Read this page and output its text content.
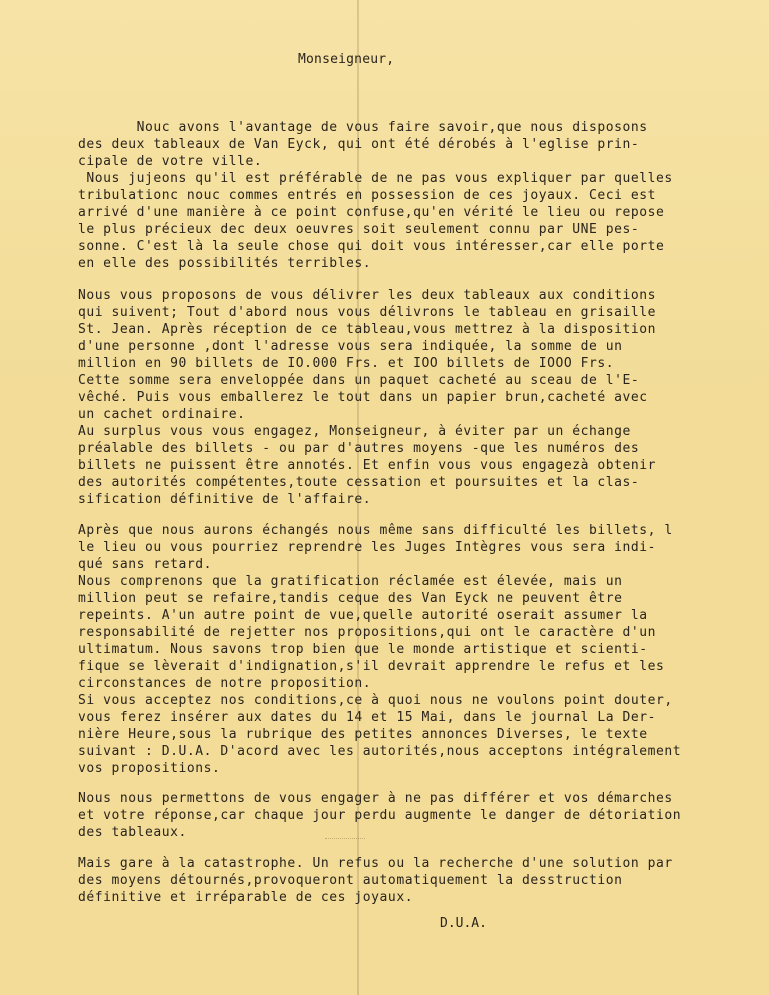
Monseigneur,
Nouc avons l'avantage de vous faire savoir,que nous disposons
des deux tableaux de Van Eyck, qui ont été dérobés à l'eglise prin-
cipale de votre ville.
Nous jujeons qu'il est préférable de ne pas vous expliquer par quelles
tribulationc nouc commes entrés en possession de ces joyaux. Ceci est
arrivé d'une manière à ce point confuse,qu'en vérité le lieu ou repose
le plus précieux dec deux oeuvres soit seulement connu par UNE pes-
sonne. C'est là la seule chose qui doit vous intéresser,car elle porte
en elle des possibilités terribles.
Nous vous proposons de vous délivrer les deux tableaux aux conditions
qui suivent; Tout d'abord nous vous délivrons le tableau en grisaille
St. Jean. Après réception de ce tableau,vous mettrez à la disposition
d'une personne ,dont l'adresse vous sera indiquée, la somme de un
million en 90 billets de IO.000 Frs. et IOO billets de IOOO Frs.
Cette somme sera enveloppée dans un paquet cacheté au sceau de l'E-
vêché. Puis vous emballerez le tout dans un papier brun,cacheté avec
un cachet ordinaire.
Au surplus vous vous engagez, Monseigneur, à éviter par un échange
préalable des billets - ou par d'autres moyens -que les numéros des
billets ne puissent être annotés. Et enfin vous vous engagezà obtenir
des autorités compétentes,toute cessation et poursuites et la clas-
sification définitive de l'affaire.
Après que nous aurons échangés nous même sans difficulté les billets, l
le lieu ou vous pourriez reprendre les Juges Intègres vous sera indi-
qué sans retard.
Nous comprenons que la gratification réclamée est élevée, mais un
million peut se refaire,tandis ceque des Van Eyck ne peuvent être
repeints. A'un autre point de vue,quelle autorité oserait assumer la
responsabilité de rejetter nos propositions,qui ont le caractère d'un
ultimatum. Nous savons trop bien que le monde artistique et scienti-
fique se lèverait d'indignation,s'il devrait apprendre le refus et les
circonstances de notre proposition.
Si vous acceptez nos conditions,ce à quoi nous ne voulons point douter,
vous ferez insérer aux dates du 14 et 15 Mai, dans le journal La Der-
nière Heure,sous la rubrique des petites annonces Diverses, le texte
suivant : D.U.A. D'acord avec les autorités,nous acceptons intégralement
vos propositions.
Nous nous permettons de vous engager à ne pas différer et vos démarches
et votre réponse,car chaque jour perdu augmente le danger de détoriation
des tableaux.
Mais gare à la catastrophe. Un refus ou la recherche d'une solution par
des moyens détournés,provoqueront automatiquement la desstruction
définitive et irréparable de ces joyaux.
D.U.A.
